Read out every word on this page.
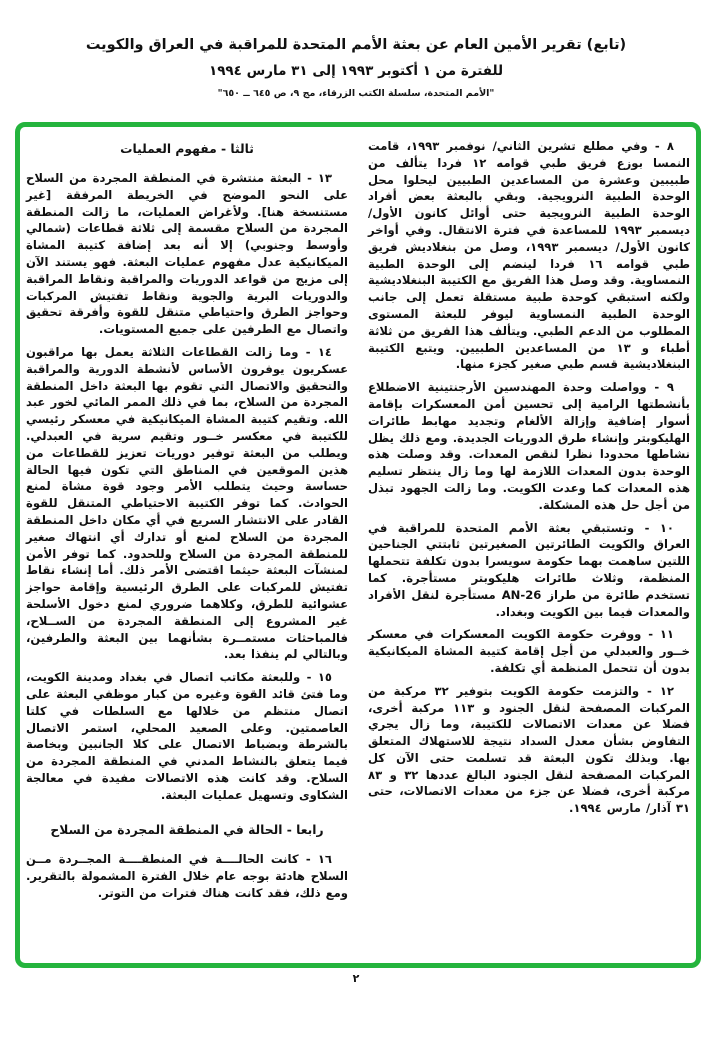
(تابع) تقرير الأمين العام عن بعثة الأمم المتحدة للمراقبة في العراق والكويت
للفترة من ١ أكتوبر ١٩٩٣ إلى ٣١ مارس ١٩٩٤
"الأمم المتحدة، سلسلة الكتب الزرقاء، مج ٩، ص ٦٤٥ ــ ٦٥٠"

٨ - وفي مطلع تشرين الثاني/ نوفمبر ١٩٩٣، قامت النمسا بوزع فريق طبي قوامه ١٢ فردا يتألف من طبيبين وعشرة من المساعدين الطبيين ليحلوا محل الوحدة الطبية النرويجية. وبقي بالبعثة بعض أفراد الوحدة الطبية النرويجية حتى أوائل كانون الأول/ ديسمبر ١٩٩٣ للمساعدة في فترة الانتقال. وفي أواخر كانون الأول/ ديسمبر ١٩٩٣، وصل من بنغلاديش فريق طبي قوامه ١٦ فردا لينضم إلى الوحدة الطبية النمساوية. وقد وصل هذا الفريق مع الكتيبة البنغلاديشية ولكنه استبقي كوحدة طبية مستقلة تعمل إلى جانب الوحدة الطبية النمساوية ليوفر للبعثة المستوى المطلوب من الدعم الطبي. ويتألف هذا الفريق من ثلاثة أطباء و ١٣ من المساعدين الطبيين. ويتبع الكتيبة البنغلاديشية قسم طبي صغير كجزء منها.

٩ - وواصلت وحدة المهندسين الأرجنتينية الاضطلاع بأنشطتها الرامية إلى تحسين أمن المعسكرات بإقامة أسوار إضافية وإزالة الألغام وتجديد مهابط طائرات الهليكوبتر وإنشاء طرق الدوريات الجديدة. ومع ذلك يظل نشاطها محدودا نظرا لنقص المعدات. وقد وصلت هذه الوحدة بدون المعدات اللازمة لها وما زال ينتظر تسليم هذه المعدات كما وعدت الكويت. وما زالت الجهود تبذل من أجل حل هذه المشكلة.

١٠ - وتستبقي بعثة الأمم المتحدة للمراقبة في العراق والكويت الطائرتين الصغيرتين ثابتتي الجناحين اللتين ساهمت بهما حكومة سويسرا بدون تكلفة تتحملها المنظمة، وثلاث طائرات هليكوبتر مستأجرة. كما تستخدم طائرة من طراز AN-26 مستأجرة لنقل الأفراد والمعدات فيما بين الكويت وبغداد.

١١ - ووفرت حكومة الكويت المعسكرات في معسكر خــور والعبدلي من أجل إقامة كتيبة المشاة الميكانيكية بدون أن تتحمل المنظمة أي تكلفة.

١٢ - والتزمت حكومة الكويت بتوفير ٣٢ مركبة من المركبات المصفحة لنقل الجنود و ١١٣ مركبة أخرى، فضلا عن معدات الاتصالات للكتيبة، وما زال يجري التفاوض بشأن معدل السداد نتيجة للاستهلاك المتعلق بها. وبذلك تكون البعثة قد تسلمت حتى الآن كل المركبات المصفحة لنقل الجنود البالغ عددها ٣٢ و ٨٣ مركبة أخرى، فضلا عن جزء من معدات الاتصالات، حتى ٣١ آذار/ مارس ١٩٩٤.

ثالثا - مفهوم العمليات

١٣ - البعثة منتشرة في المنطقة المجردة من السلاح على النحو الموضح في الخريطة المرفقة [غير مستنسخة هنا]. ولأغراض العمليات، ما زالت المنطقة المجردة من السلاح مقسمة إلى ثلاثة قطاعات (شمالي وأوسط وجنوبي) إلا أنه بعد إضافة كتيبة المشاة الميكانيكية عدل مفهوم عمليات البعثة. فهو يستند الآن إلى مزيج من قواعد الدوريات والمراقبة ونقاط المراقبة والدوريات البرية والجوية ونقاط تفتيش المركبات وحواجز الطرق واحتياطي متنقل للقوة وأفرقة تحقيق واتصال مع الطرفين على جميع المستويات.

١٤ - وما زالت القطاعات الثلاثة يعمل بها مراقبون عسكريون يوفرون الأساس لأنشطة الدورية والمراقبة والتحقيق والاتصال التي تقوم بها البعثة داخل المنطقة المجردة من السلاح، بما في ذلك الممر المائي لخور عبد الله. وتقيم كتيبة المشاة الميكانيكية في معسكر رئيسي للكتيبة في معكسر خــور وتقيم سرية في العبدلي. ويطلب من البعثة توفير دوريات تعزيز للقطاعات من هذين الموقعين في المناطق التي تكون فيها الحالة حساسة وحيث يتطلب الأمر وجود قوة مشاة لمنع الحوادث. كما توفر الكتيبة الاحتياطي المتنقل للقوة القادر على الانتشار السريع في أي مكان داخل المنطقة المجردة من السلاح لمنع أو تدارك أي انتهاك صغير للمنطقة المجردة من السلاح وللحدود. كما توفر الأمن لمنشآت البعثة حيثما اقتضى الأمر ذلك. أما إنشاء نقاط تفتيش للمركبات على الطرق الرئيسية وإقامة حواجز عشوائية للطرق، وكلاهما ضروري لمنع دخول الأسلحة غير المشروع إلى المنطقة المجردة من الســلاح، فالمباحثات مستمــرة بشأنهما بين البعثة والطرفين، وبالتالي لم ينفذا بعد.

١٥ - وللبعثة مكاتب اتصال في بغداد ومدينة الكويت، وما فتئ قائد القوة وغيره من كبار موظفي البعثة على اتصال منتظم من خلالها مع السلطات في كلتا العاصمتين. وعلى الصعيد المحلي، استمر الاتصال بالشرطة وبضباط الاتصال على كلا الجانبين وبخاصة فيما يتعلق بالنشاط المدني في المنطقة المجردة من السلاح. وقد كانت هذه الاتصالات مفيدة في معالجة الشكاوى وتسهيل عمليات البعثة.

رابعا - الحالة في المنطقة المجردة من السلاح

١٦ - كانت الحالــــة في المنطقــــة المجــردة مــن السلاح هادئة بوجه عام خلال الفترة المشمولة بالتقرير. ومع ذلك، فقد كانت هناك فترات من التوتر.

٢
